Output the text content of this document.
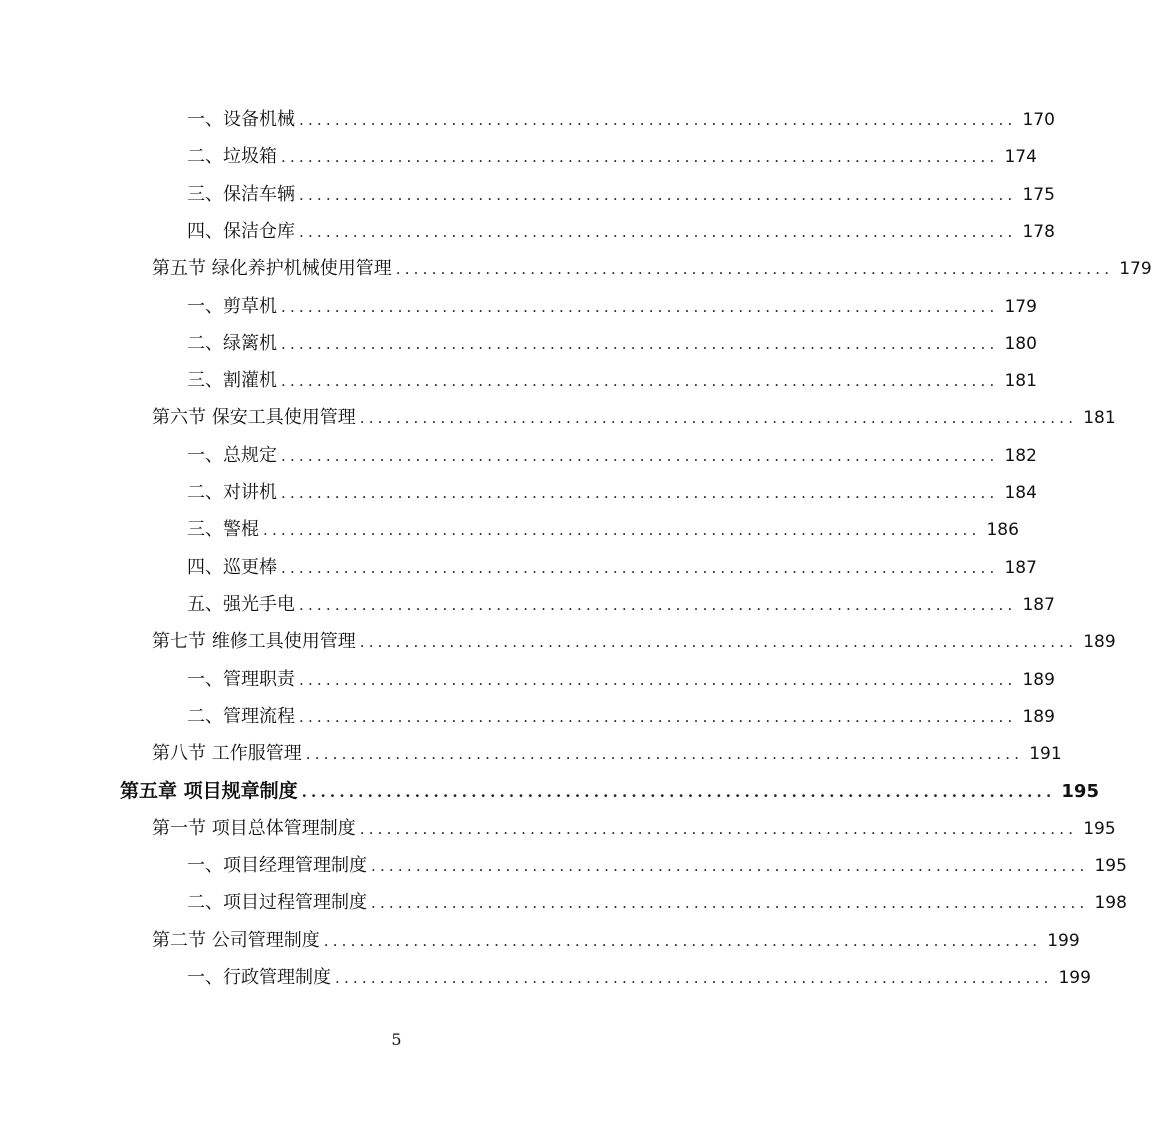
一、设备机械 ................................................................................ 170
二、垃圾箱 ................................................................................ 174
三、保洁车辆 ................................................................................ 175
四、保洁仓库 ................................................................................ 178
第五节 绿化养护机械使用管理 ................................................................................ 179
一、剪草机 ................................................................................ 179
二、绿篱机 ................................................................................ 180
三、割灌机 ................................................................................ 181
第六节 保安工具使用管理 ................................................................................ 181
一、总规定 ................................................................................ 182
二、对讲机 ................................................................................ 184
三、警棍 ................................................................................ 186
四、巡更棒 ................................................................................ 187
五、强光手电 ................................................................................ 187
第七节 维修工具使用管理 ................................................................................ 189
一、管理职责 ................................................................................ 189
二、管理流程 ................................................................................ 189
第八节 工作服管理 ................................................................................ 191
第五章 项目规章制度 ................................................................................ 195
第一节 项目总体管理制度 ................................................................................ 195
一、项目经理管理制度 ................................................................................ 195
二、项目过程管理制度 ................................................................................ 198
第二节 公司管理制度 ................................................................................ 199
一、行政管理制度 ................................................................................ 199
5
